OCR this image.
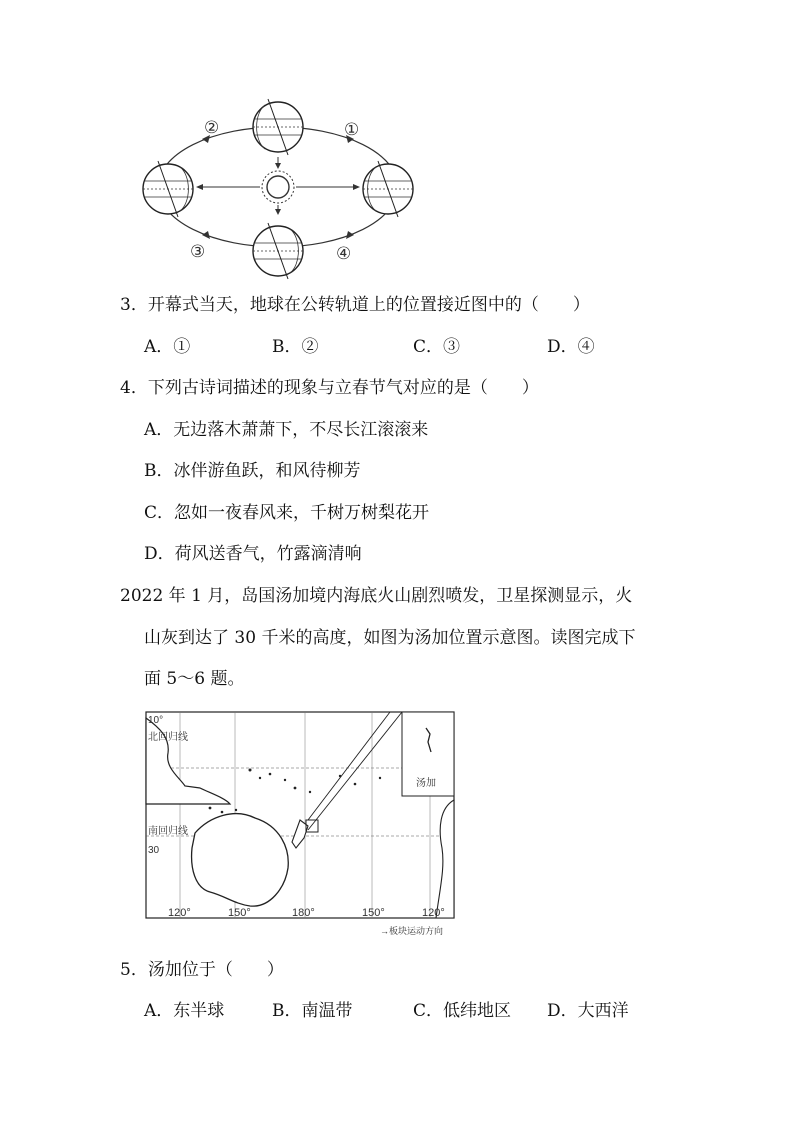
①
②
③	④
3．开幕式当天，地球在公转轨道上的位置接近图中的（　　）
A．①	B．②	C．③	D．④
4．下列古诗词描述的现象与立春节气对应的是（　　）
A．无边落木萧萧下，不尽长江滚滚来
B．冰伴游鱼跃，和风待柳芳
C．忽如一夜春风来，千树万树梨花开
D．荷风送香气，竹露滴清响
2022 年 1 月，岛国汤加境内海底火山剧烈喷发，卫星探测显示，火
山灰到达了 30 千米的高度，如图为汤加位置示意图。读图完成下
面 5～6 题。
汤加
10°
北回归线
南回归线
30
120°	150°	180°	150°	120°
→板块运动方向
5．汤加位于（　　）
A．东半球	B．南温带	C．低纬地区 D．大西洋
